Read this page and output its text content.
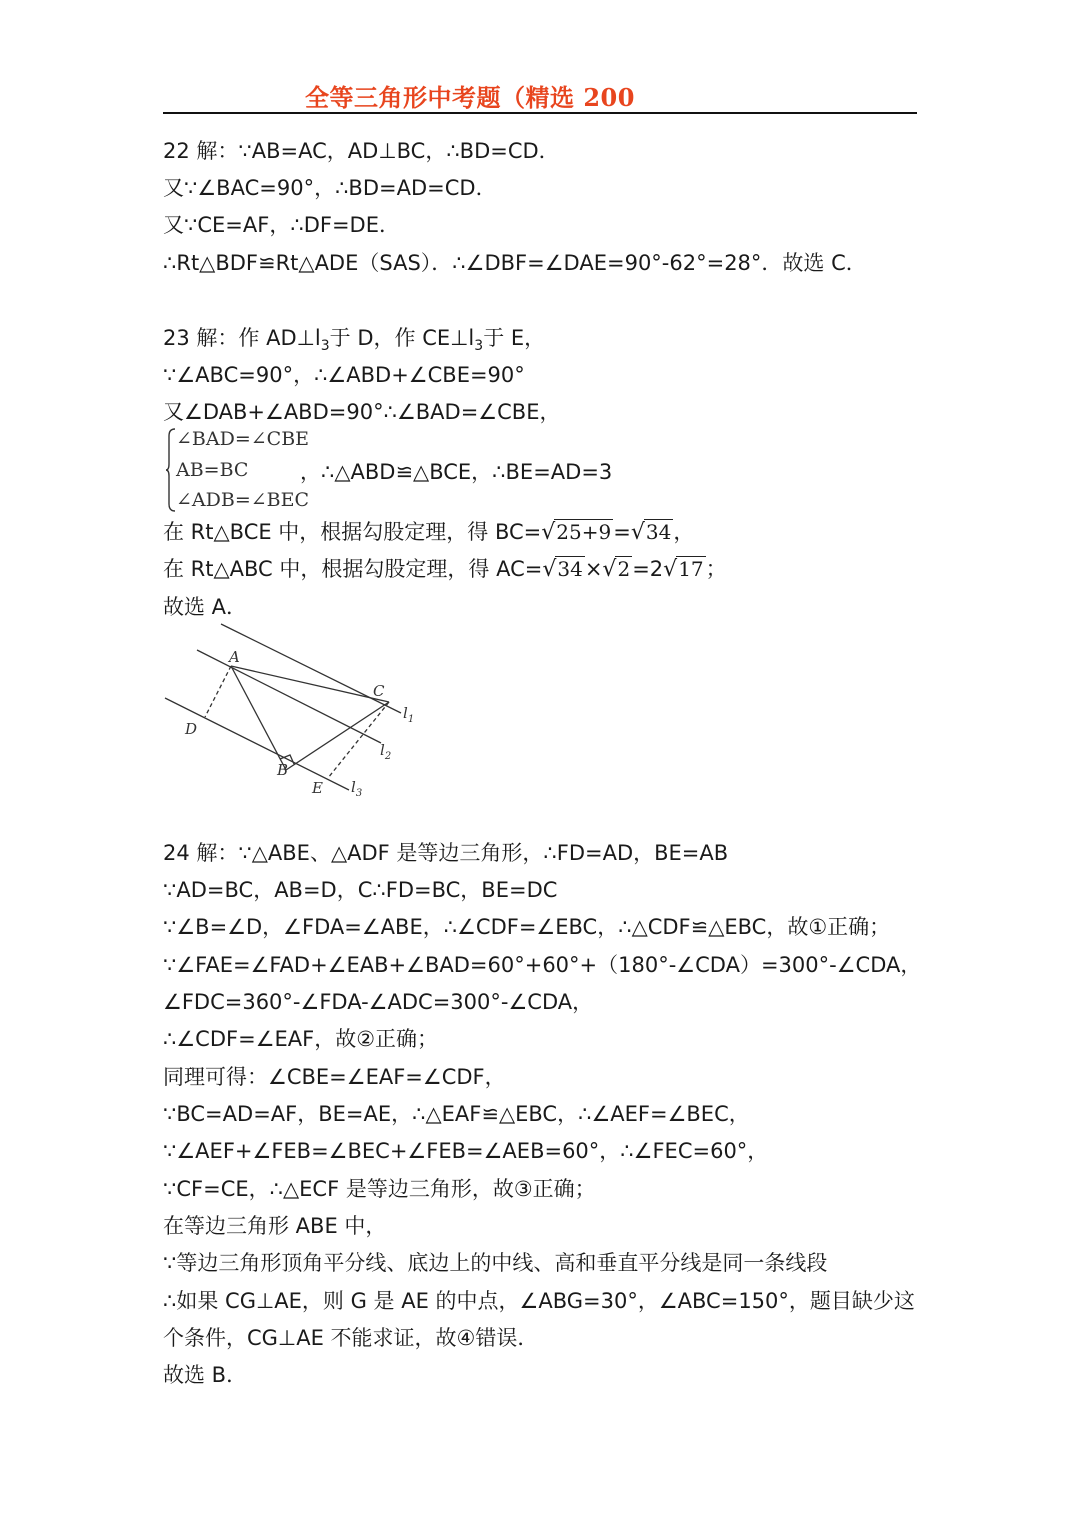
全等三角形中考题（精选 200
22 解：∵AB=AC，AD⊥BC，∴BD=CD．
又∵∠BAC=90°，∴BD=AD=CD．
又∵CE=AF，∴DF=DE．
∴Rt△BDF≌Rt△ADE（SAS）．∴∠DBF=∠DAE=90°-62°=28°．故选 C．
23 解：作 $AD\perp l_3$于 D，作 $CE\perp l_3$于 E，
∵∠ABC=90°，∴∠ABD+∠CBE=90°
又∠DAB+∠ABD=90°∴∠BAD=∠CBE，
∠BAD=∠CBE
AB=BC
∠ADB=∠BEC
，∴△ABD≌△BCE，∴BE=AD=3
在 Rt△BCE 中，根据勾股定理，得 BC=√25+9=√34，
在 Rt△ABC 中，根据勾股定理，得 AC=√34×√2=2√17；
故选 A．
A
C
D
B
E
$l_1$
$l_2$
$l_3$
24 解：∵△ABE、△ADF 是等边三角形，∴FD=AD，BE=AB
∵AD=BC，AB=D，C∴FD=BC，BE=DC
∵∠B=∠D，∠FDA=∠ABE，∴∠CDF=∠EBC，∴△CDF≌△EBC，故①正确；
∵∠FAE=∠FAD+∠EAB+∠BAD=60°+60°+（180°-∠CDA）=300°-∠CDA，
∠FDC=360°-∠FDA-∠ADC=300°-∠CDA，
∴∠CDF=∠EAF，故②正确；
同理可得：∠CBE=∠EAF=∠CDF，
∵BC=AD=AF，BE=AE，∴△EAF≌△EBC，∴∠AEF=∠BEC，
∵∠AEF+∠FEB=∠BEC+∠FEB=∠AEB=60°，∴∠FEC=60°，
∵CF=CE，∴△ECF 是等边三角形，故③正确；
在等边三角形 ABE 中，
∵等边三角形顶角平分线、底边上的中线、高和垂直平分线是同一条线段
∴如果 CG⊥AE，则 G 是 AE 的中点，∠ABG=30°，∠ABC=150°，题目缺少这
个条件，CG⊥AE 不能求证，故④错误．
故选 B．
